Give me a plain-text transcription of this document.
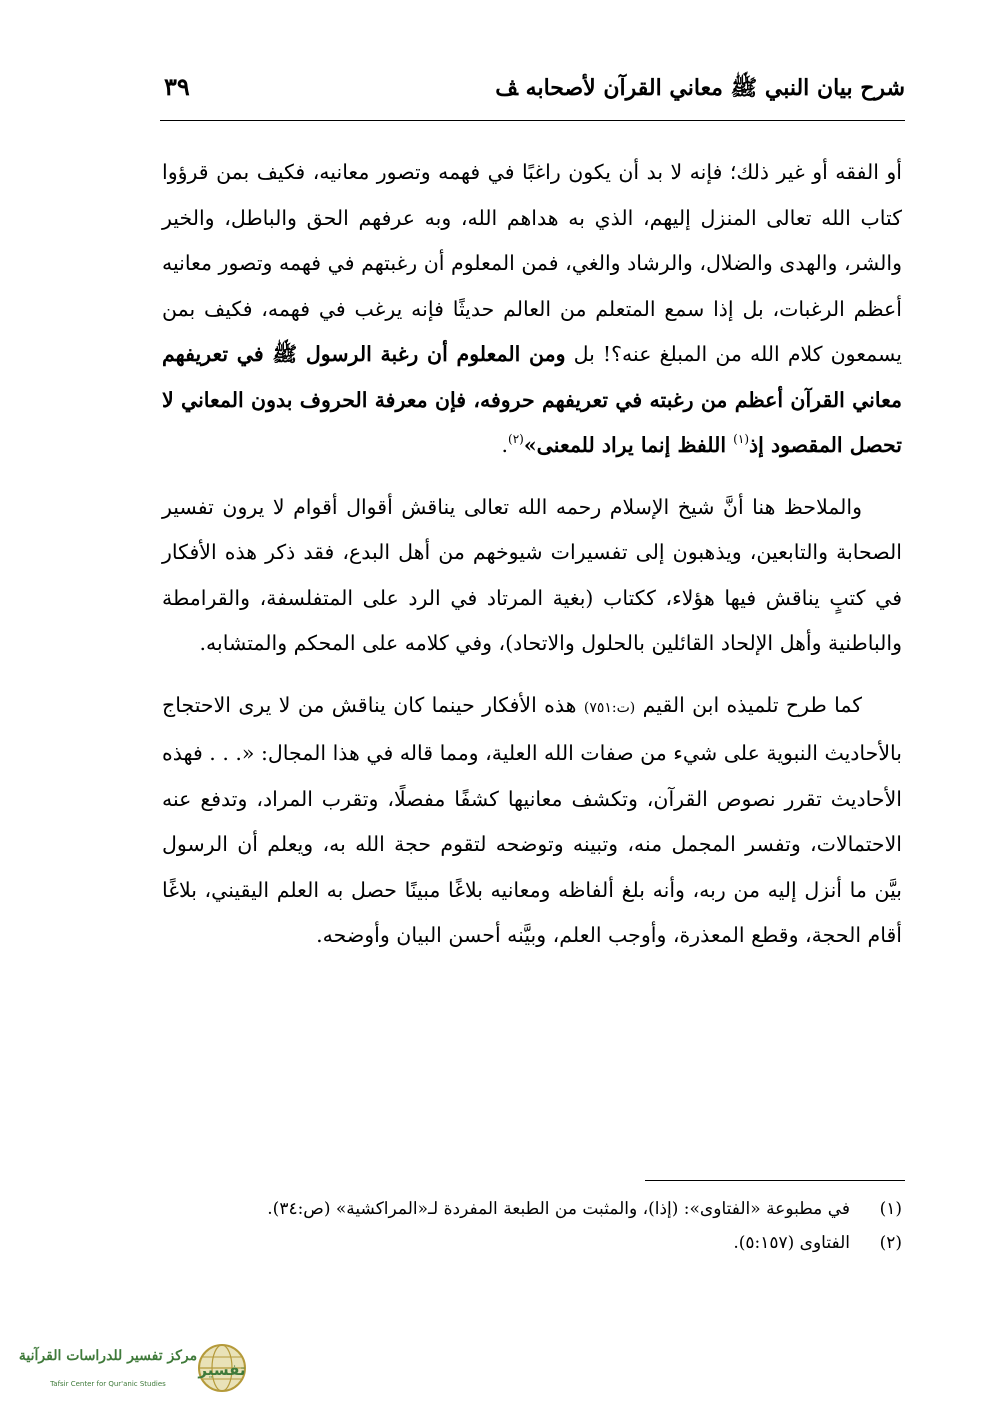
شرح بيان النبي ﷺ معاني القرآن لأصحابه ﭫ
٣٩

أو الفقه أو غير ذلك؛ فإنه لا بد أن يكون راغبًا في فهمه وتصور معانيه، فكيف بمن قرؤوا كتاب الله تعالى المنزل إليهم، الذي به هداهم الله، وبه عرفهم الحق والباطل، والخير والشر، والهدى والضلال، والرشاد والغي، فمن المعلوم أن رغبتهم في فهمه وتصور معانيه أعظم الرغبات، بل إذا سمع المتعلم من العالم حديثًا فإنه يرغب في فهمه، فكيف بمن يسمعون كلام الله من المبلغ عنه؟! بل ومن المعلوم أن رغبة الرسول ﷺ في تعريفهم معاني القرآن أعظم من رغبته في تعريفهم حروفه، فإن معرفة الحروف بدون المعاني لا تحصل المقصود إذ$^{(١)}$ اللفظ إنما يراد للمعنى»$^{(٢)}$.

والملاحظ هنا أنَّ شيخ الإسلام رحمه الله تعالى يناقش أقوال أقوام لا يرون تفسير الصحابة والتابعين، ويذهبون إلى تفسيرات شيوخهم من أهل البدع، فقد ذكر هذه الأفكار في كتبٍ يناقش فيها هؤلاء، ككتاب (بغية المرتاد في الرد على المتفلسفة، والقرامطة والباطنية وأهل الإلحاد القائلين بالحلول والاتحاد)، وفي كلامه على المحكم والمتشابه.

كما طرح تلميذه ابن القيم (ت:٧٥١) هذه الأفكار حينما كان يناقش من لا يرى الاحتجاج بالأحاديث النبوية على شيء من صفات الله العلية، ومما قاله في هذا المجال: «. . . فهذه الأحاديث تقرر نصوص القرآن، وتكشف معانيها كشفًا مفصلًا، وتقرب المراد، وتدفع عنه الاحتمالات، وتفسر المجمل منه، وتبينه وتوضحه لتقوم حجة الله به، ويعلم أن الرسول بيَّن ما أنزل إليه من ربه، وأنه بلغ ألفاظه ومعانيه بلاغًا مبينًا حصل به العلم اليقيني، بلاغًا أقام الحجة، وقطع المعذرة، وأوجب العلم، وبيَّنه أحسن البيان وأوضحه.

(١)
في مطبوعة «الفتاوى»: (إذا)، والمثبت من الطبعة المفردة لـ«المراكشية» (ص:٣٤).
(٢)
الفتاوى (٥:١٥٧).
تفسير
مركز تفسير للدراسات القرآنية
Tafsir Center for Qur'anic Studies
